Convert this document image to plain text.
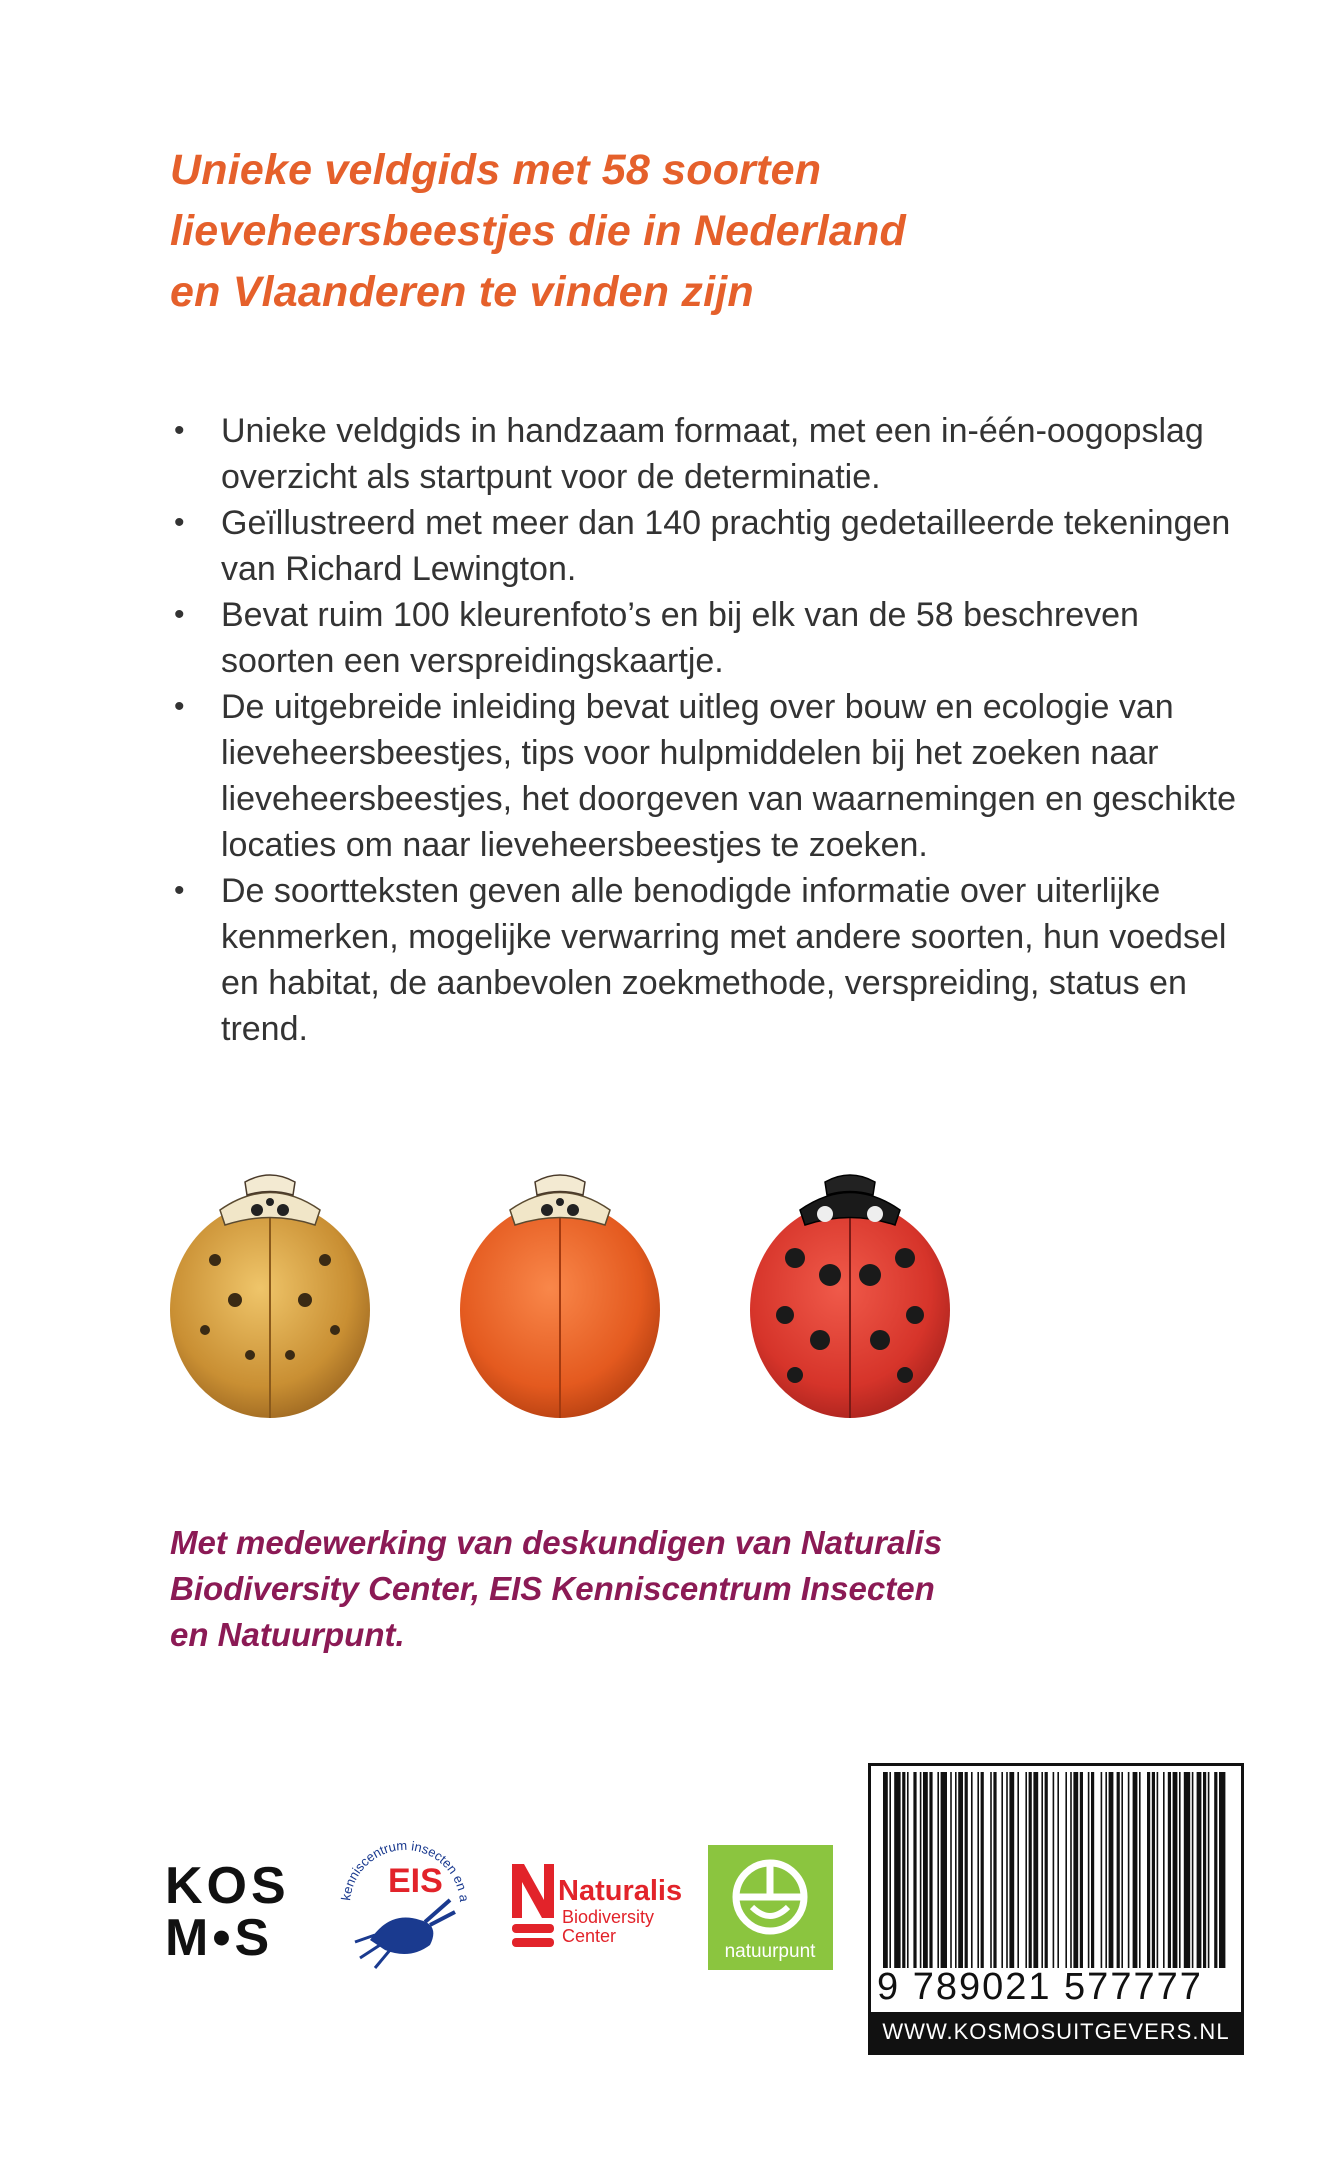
Unieke veldgids met 58 soorten
lieveheersbeestjes die in Nederland
en Vlaanderen te vinden zijn
• Unieke veldgids in handzaam formaat, met een in-één-oogopslag
overzicht als startpunt voor de determinatie.
• Geïllustreerd met meer dan 140 prachtig gedetailleerde tekeningen
van Richard Lewington.
• Bevat ruim 100 kleurenfoto’s en bij elk van de 58 beschreven
soorten een verspreidingskaartje.
• De uitgebreide inleiding bevat uitleg over bouw en ecologie van
lieveheersbeestjes, tips voor hulpmiddelen bij het zoeken naar
lieveheersbeestjes, het doorgeven van waarnemingen en geschikte
locaties om naar lieveheersbeestjes te zoeken.
• De soortteksten geven alle benodigde informatie over uiterlijke
kenmerken, mogelijke verwarring met andere soorten, hun voedsel
en habitat, de aanbevolen zoekmethode, verspreiding, status en
trend.
Met medewerking van deskundigen van Naturalis
Biodiversity Center, EIS Kenniscentrum Insecten
en Natuurpunt.
KOS
M•S
kenniscentrum insecten en a
EIS	Naturalis
Biodiversity
Center
natuurpunt
9 789021 577777
WWW.KOSMOSUITGEVERS.NL
